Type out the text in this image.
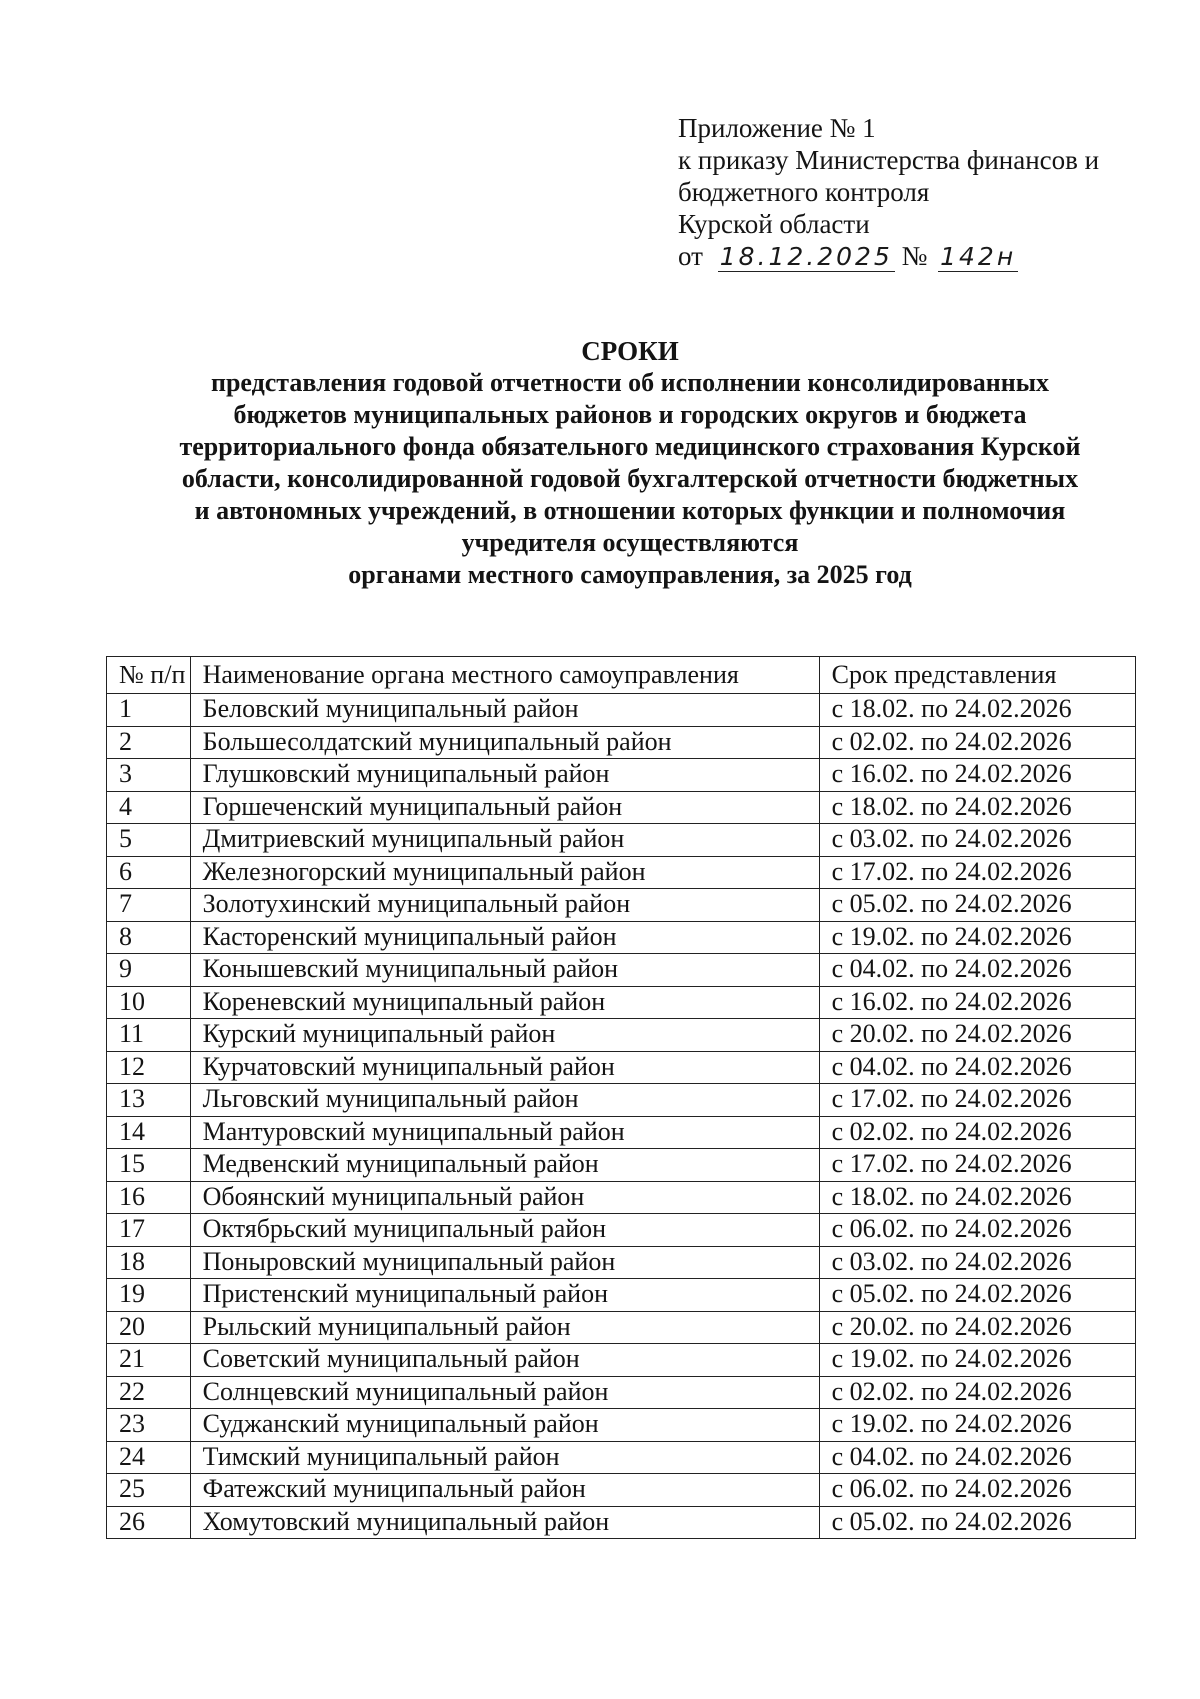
Приложение № 1
к приказу Министерства финансов и
бюджетного контроля
Курской области
от 18.12.2025 № 142н
СРОКИ
представления годовой отчетности об исполнении консолидированных
бюджетов муниципальных районов и городских округов и бюджета
территориального фонда обязательного медицинского страхования Курской
области, консолидированной годовой бухгалтерской отчетности бюджетных
и автономных учреждений, в отношении которых функции и полномочия
учредителя осуществляются
органами местного самоуправления, за 2025 год
№ п/п	Наименование органа местного самоуправления	Срок представления
1	Беловский муниципальный район	с 18.02. по 24.02.2026
2	Большесолдатский муниципальный район	с 02.02. по 24.02.2026
3	Глушковский муниципальный район	с 16.02. по 24.02.2026
4	Горшеченский муниципальный район	с 18.02. по 24.02.2026
5	Дмитриевский муниципальный район	с 03.02. по 24.02.2026
6	Железногорский муниципальный район	с 17.02. по 24.02.2026
7	Золотухинский муниципальный район	с 05.02. по 24.02.2026
8	Касторенский муниципальный район	с 19.02. по 24.02.2026
9	Конышевский муниципальный район	с 04.02. по 24.02.2026
10	Кореневский муниципальный район	с 16.02. по 24.02.2026
11	Курский муниципальный район	с 20.02. по 24.02.2026
12	Курчатовский муниципальный район	с 04.02. по 24.02.2026
13	Льговский муниципальный район	с 17.02. по 24.02.2026
14	Мантуровский муниципальный район	с 02.02. по 24.02.2026
15	Медвенский муниципальный район	с 17.02. по 24.02.2026
16	Обоянский муниципальный район	с 18.02. по 24.02.2026
17	Октябрьский муниципальный район	с 06.02. по 24.02.2026
18	Поныровский муниципальный район	с 03.02. по 24.02.2026
19	Пристенский муниципальный район	с 05.02. по 24.02.2026
20	Рыльский муниципальный район	с 20.02. по 24.02.2026
21	Советский муниципальный район	с 19.02. по 24.02.2026
22	Солнцевский муниципальный район	с 02.02. по 24.02.2026
23	Суджанский муниципальный район	с 19.02. по 24.02.2026
24	Тимский муниципальный район	с 04.02. по 24.02.2026
25	Фатежский муниципальный район	с 06.02. по 24.02.2026
26	Хомутовский муниципальный район	с 05.02. по 24.02.2026
